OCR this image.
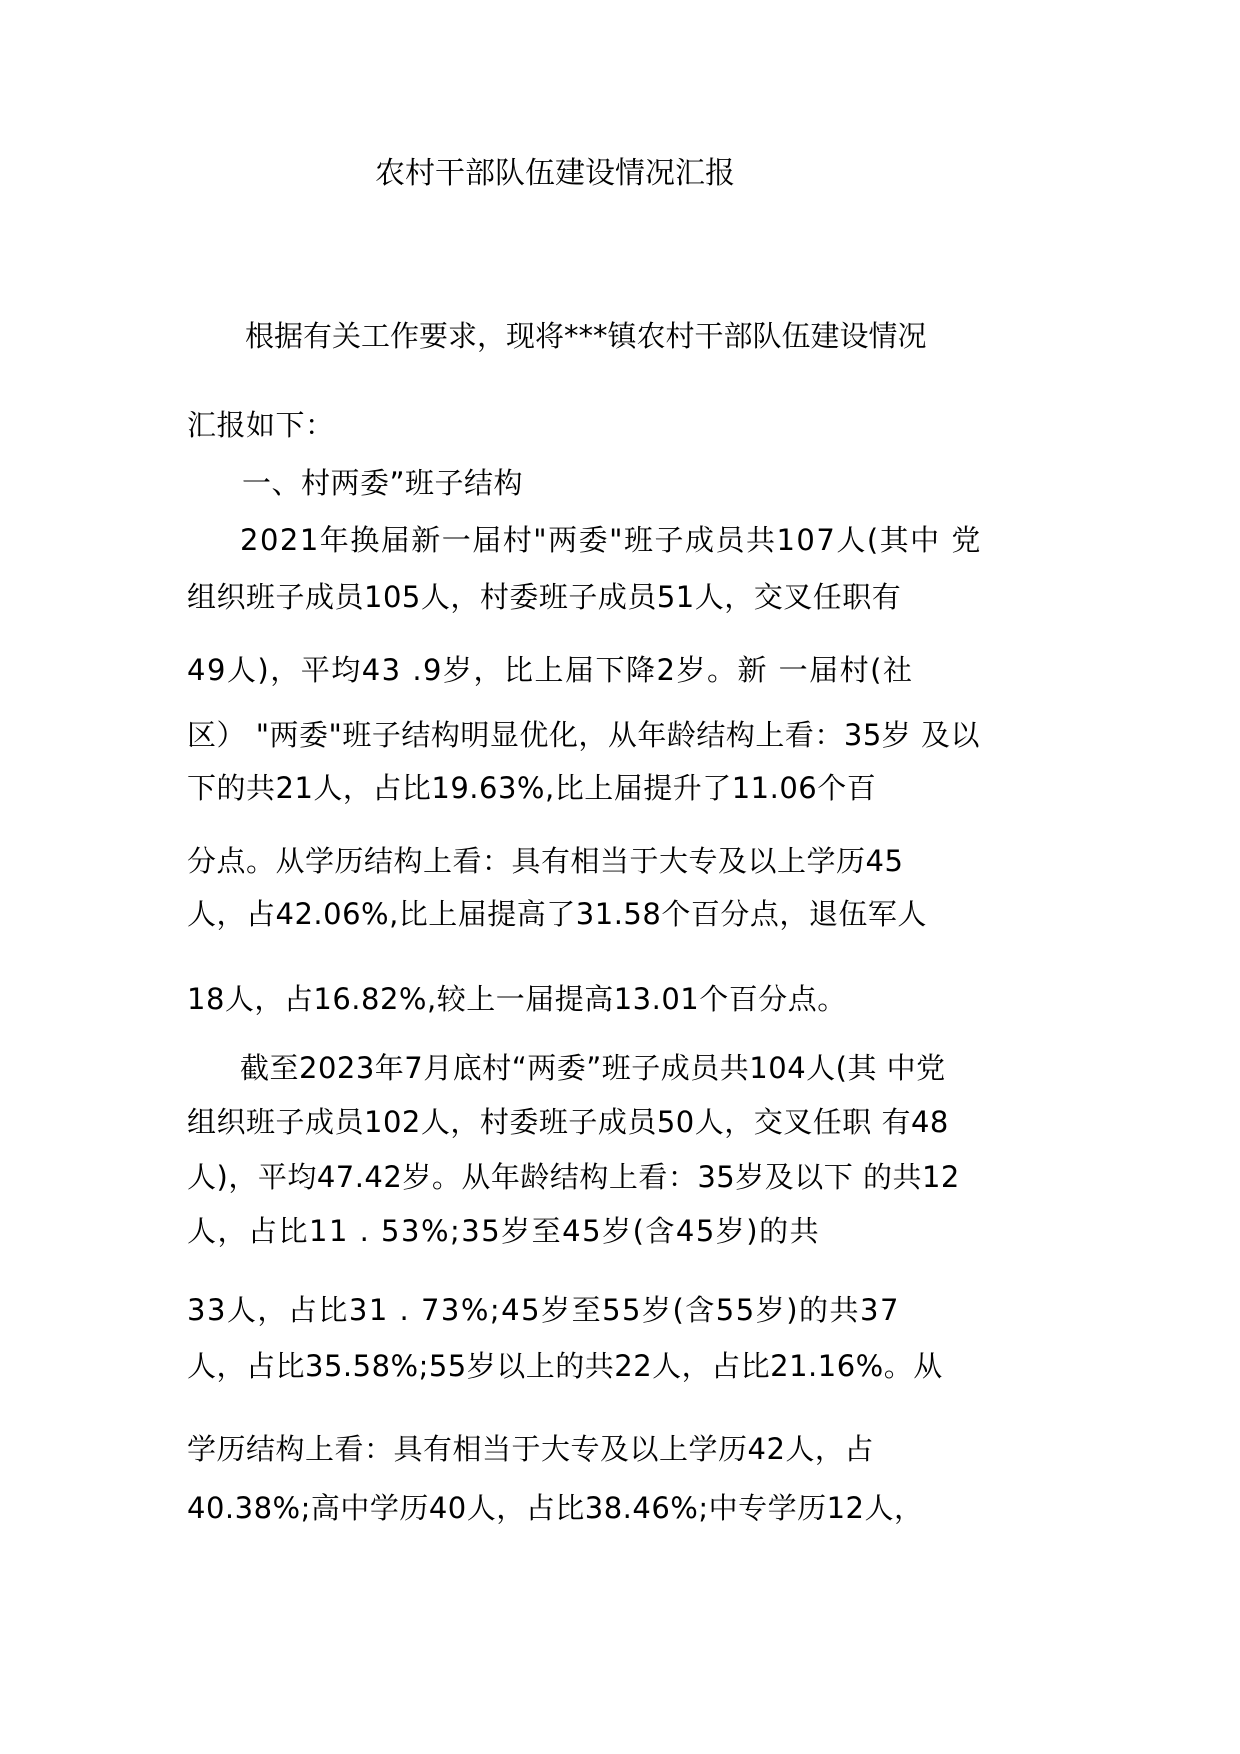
农村干部队伍建设情况汇报
根据有关工作要求，现将***镇农村干部队伍建设情况
汇报如下：
一、村两委”班子结构
2021年换届新一届村"两委"班子成员共107人(其中 党
组织班子成员105人，村委班子成员51人，交叉任职有
49人)，平均43 .9岁，比上届下降2岁。新 一届村(社
区） "两委"班子结构明显优化，从年龄结构上看：35岁 及以
下的共21人，占比19.63%,比上届提升了11.06个百
分点。从学历结构上看：具有相当于大专及以上学历45
人，占42.06%,比上届提高了31.58个百分点，退伍军人
18人，占16.82%,较上一届提高13.01个百分点。
截至2023年7月底村“两委”班子成员共104人(其 中党
组织班子成员102人，村委班子成员50人，交叉任职 有48
人)，平均47.42岁。从年龄结构上看：35岁及以下 的共12
人，占比11 . 53%;35岁至45岁(含45岁)的共
33人，占比31 . 73%;45岁至55岁(含55岁)的共37
人，占比35.58%;55岁以上的共22人，占比21.16%。从
学历结构上看：具有相当于大专及以上学历42人，占
40.38%;高中学历40人，占比38.46%;中专学历12人，
